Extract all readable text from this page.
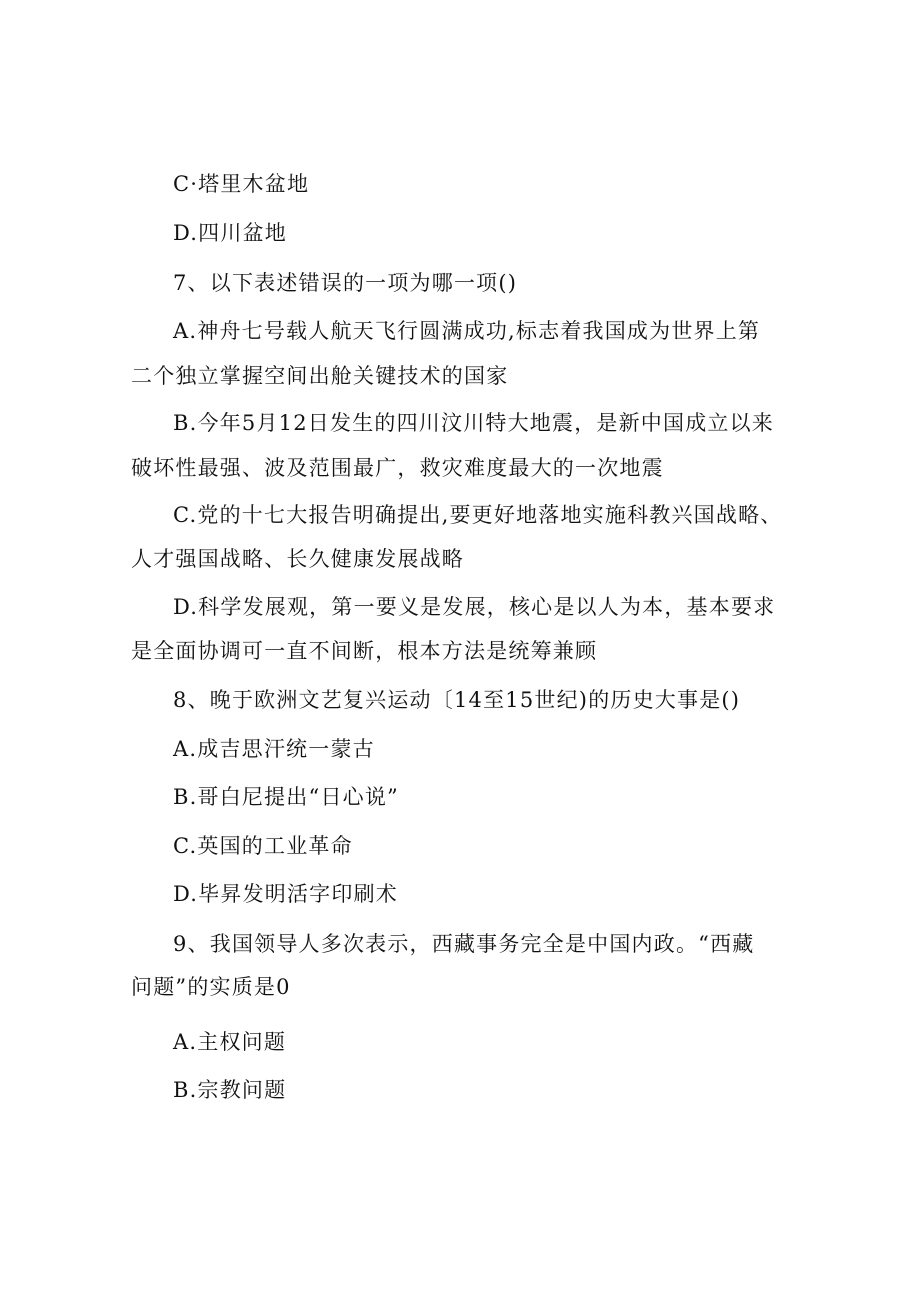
C·塔里木盆地
D.四川盆地
7、以下表述错误的一项为哪一项()
A.神舟七号载人航天飞行圆满成功,标志着我国成为世界上第
二个独立掌握空间出舱关键技术的国家
B.今年5月12日发生的四川汶川特大地震，是新中国成立以来
破坏性最强、波及范围最广，救灾难度最大的一次地震
C.党的十七大报告明确提出,要更好地落地实施科教兴国战略、
人才强国战略、长久健康发展战略
D.科学发展观，第一要义是发展，核心是以人为本，基本要求
是全面协调可一直不间断，根本方法是统筹兼顾
8、晚于欧洲文艺复兴运动〔14至15世纪)的历史大事是()
A.成吉思汗统一蒙古
B.哥白尼提出“日心说”
C.英国的工业革命
D.毕昇发明活字印刷术
9、我国领导人多次表示，西藏事务完全是中国内政。“西藏
问题”的实质是0
A.主权问题
B.宗教问题
